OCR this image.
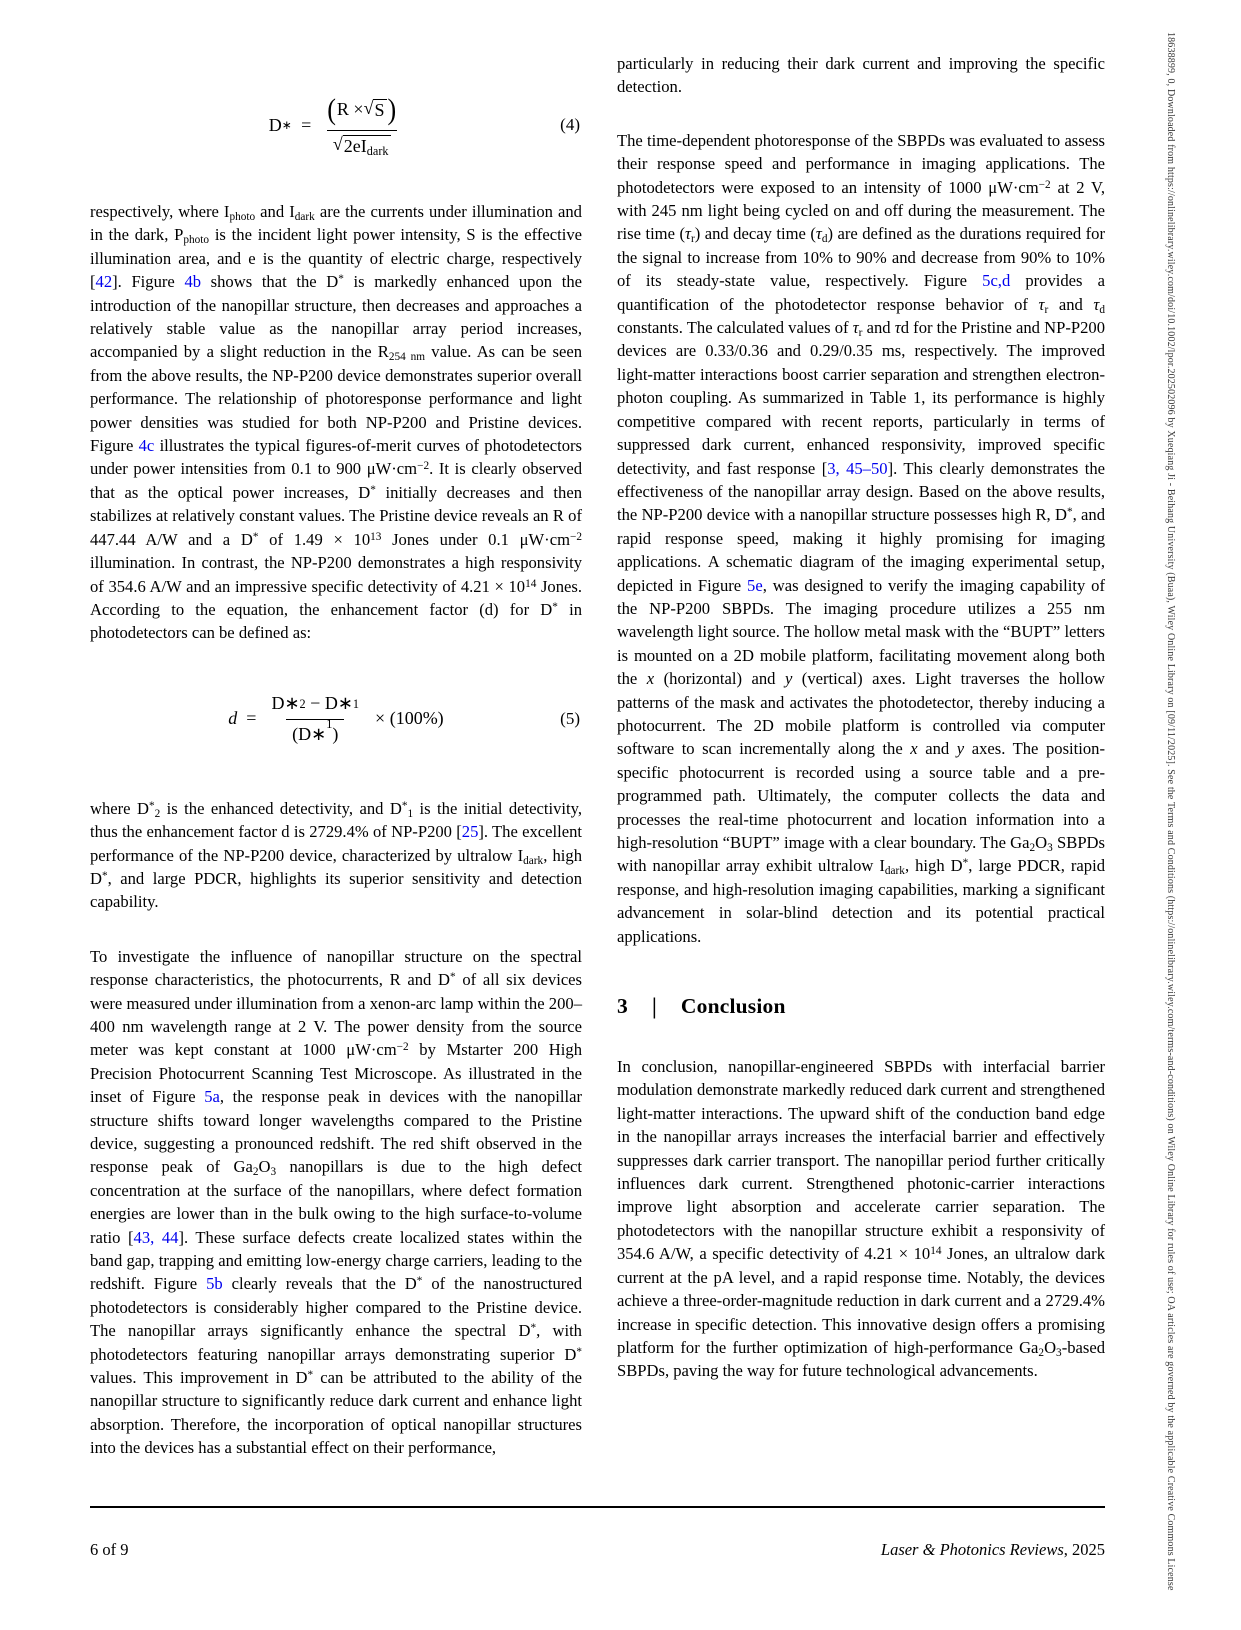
D ∗ = $\frac{( R \times √ S )}{√ 2eI_{dark}}$	(4)

respectively, where $I_{photo}$ and $I_{dark}$ are the currents under illumination and in the dark, $P_{photo}$ is the incident light power intensity, S is the effective illumination area, and e is the quantity of electric charge, respectively [42]. Figure 4b shows that the D* is markedly enhanced upon the introduction of the nanopillar structure, then decreases and approaches a relatively stable value as the nanopillar array period increases, accompanied by a slight reduction in the $R_{254 nm}$ value. As can be seen from the above results, the NP-P200 device demonstrates superior overall performance. The relationship of photoresponse performance and light power densities was studied for both NP-P200 and Pristine devices. Figure 4c illustrates the typical figures-of-merit curves of photodetectors under power intensities from 0.1 to 900 $\mu W\cdot cm^{-2}$. It is clearly observed that as the optical power increases, D* initially decreases and then stabilizes at relatively constant values. The Pristine device reveals an R of 447.44 A/W and a D* of $1.49 \times 10^{13}$ Jones under 0.1 $\mu W\cdot cm^{-2}$ illumination. In contrast, the NP-P200 demonstrates a high responsivity of 354.6 A/W and an impressive specific detectivity of $4.21 \times 10^{14}$ Jones. According to the equation, the enhancement factor (d) for D* in photodetectors can be defined as:

$d = \frac{D∗ 2 - D∗ 1}{(D∗ 1 )} \times (100\%)$	(5)

where $D^*_2$ is the enhanced detectivity, and $D^*_1$ is the initial detectivity, thus the enhancement factor d is 2729.4% of NP-P200 [25]. The excellent performance of the NP-P200 device, characterized by ultralow $I_{dark}$, high D*, and large PDCR, highlights its superior sensitivity and detection capability.

To investigate the influence of nanopillar structure on the spectral response characteristics, the photocurrents, R and D* of all six devices were measured under illumination from a xenon-arc lamp within the 200–400 nm wavelength range at 2 V. The power density from the source meter was kept constant at 1000 $\mu W\cdot cm^{-2}$ by Mstarter 200 High Precision Photocurrent Scanning Test Microscope. As illustrated in the inset of Figure 5a, the response peak in devices with the nanopillar structure shifts toward longer wavelengths compared to the Pristine device, suggesting a pronounced redshift. The red shift observed in the response peak of $Ga_2O_3$ nanopillars is due to the high defect concentration at the surface of the nanopillars, where defect formation energies are lower than in the bulk owing to the high surface-to-volume ratio [43, 44]. These surface defects create localized states within the band gap, trapping and emitting low-energy charge carriers, leading to the redshift. Figure 5b clearly reveals that the D* of the nanostructured photodetectors is considerably higher compared to the Pristine device. The nanopillar arrays significantly enhance the spectral D*, with photodetectors featuring nanopillar arrays demonstrating superior D* values. This improvement in D* can be attributed to the ability of the nanopillar structure to significantly reduce dark current and enhance light absorption. Therefore, the incorporation of optical nanopillar structures into the devices has a substantial effect on their performance,

particularly in reducing their dark current and improving the specific detection.

The time-dependent photoresponse of the SBPDs was evaluated to assess their response speed and performance in imaging applications. The photodetectors were exposed to an intensity of 1000 $\mu W\cdot cm^{-2}$ at 2 V, with 245 nm light being cycled on and off during the measurement. The rise time $(\tau_r)$ and decay time $(\tau_d)$ are defined as the durations required for the signal to increase from 10% to 90% and decrease from 90% to 10% of its steady-state value, respectively. Figure 5c,d provides a quantification of the photodetector response behavior of $\tau_r$ and $\tau_d$ constants. The calculated values of $\tau_r$ and τd for the Pristine and NP-P200 devices are 0.33/0.36 and 0.29/0.35 ms, respectively. The improved light-matter interactions boost carrier separation and strengthen electron-photon coupling. As summarized in Table 1, its performance is highly competitive compared with recent reports, particularly in terms of suppressed dark current, enhanced responsivity, improved specific detectivity, and fast response [3, 45–50]. This clearly demonstrates the effectiveness of the nanopillar array design. Based on the above results, the NP-P200 device with a nanopillar structure possesses high R, D*, and rapid response speed, making it highly promising for imaging applications. A schematic diagram of the imaging experimental setup, depicted in Figure 5e, was designed to verify the imaging capability of the NP-P200 SBPDs. The imaging procedure utilizes a 255 nm wavelength light source. The hollow metal mask with the “BUPT” letters is mounted on a 2D mobile platform, facilitating movement along both the x (horizontal) and y (vertical) axes. Light traverses the hollow patterns of the mask and activates the photodetector, thereby inducing a photocurrent. The 2D mobile platform is controlled via computer software to scan incrementally along the x and y axes. The position-specific photocurrent is recorded using a source table and a pre-programmed path. Ultimately, the computer collects the data and processes the real-time photocurrent and location information into a high-resolution “BUPT” image with a clear boundary. The $Ga_2O_3$ SBPDs with nanopillar array exhibit ultralow $I_{dark}$, high D*, large PDCR, rapid response, and high-resolution imaging capabilities, marking a significant advancement in solar-blind detection and its potential practical applications.

3 | Conclusion

In conclusion, nanopillar-engineered SBPDs with interfacial barrier modulation demonstrate markedly reduced dark current and strengthened light-matter interactions. The upward shift of the conduction band edge in the nanopillar arrays increases the interfacial barrier and effectively suppresses dark carrier transport. The nanopillar period further critically influences dark current. Strengthened photonic-carrier interactions improve light absorption and accelerate carrier separation. The photodetectors with the nanopillar structure exhibit a responsivity of 354.6 A/W, a specific detectivity of $4.21 \times 10^{14}$ Jones, an ultralow dark current at the pA level, and a rapid response time. Notably, the devices achieve a three-order-magnitude reduction in dark current and a 2729.4% increase in specific detection. This innovative design offers a promising platform for the further optimization of high-performance $Ga_2O_3$-based SBPDs, paving the way for future technological advancements.

6 of 9	Laser & Photonics Reviews, 2025	18638899, 0, Downloaded from https://onlinelibrary.wiley.com/doi/10.1002/lpor.202502096 by Xueqiang Ji - Beihang University (Buaa), Wiley Online Library on [09/11/2025]. See the Terms and Conditions (https://onlinelibrary.wiley.com/terms-and-conditions) on Wiley Online Library for rules of use; OA articles are governed by the applicable Creative Commons License
